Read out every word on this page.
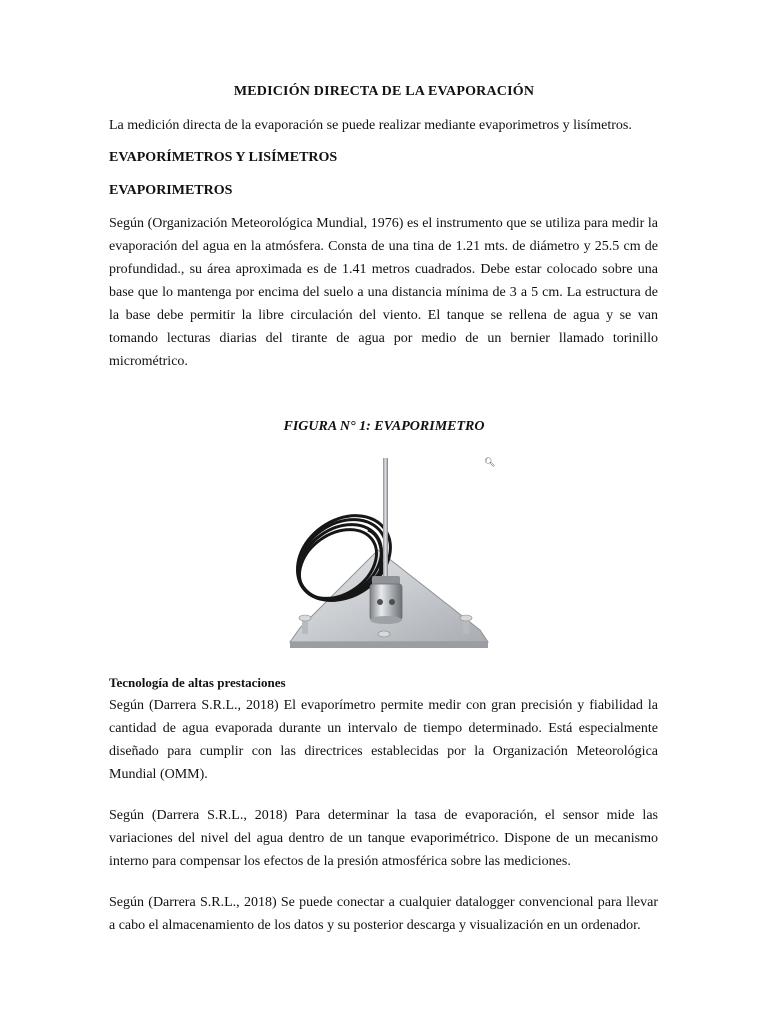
MEDICIÓN DIRECTA DE LA EVAPORACIÓN
La medición directa de la evaporación se puede realizar mediante evaporimetros y lisímetros.
EVAPORÍMETROS Y LISÍMETROS
EVAPORIMETROS
Según (Organización Meteorológica Mundial, 1976) es el instrumento que se utiliza para medir la evaporación del agua en la atmósfera. Consta de una tina de 1.21 mts. de diámetro y 25.5 cm de profundidad., su área aproximada es de 1.41 metros cuadrados. Debe estar colocado sobre una base que lo mantenga por encima del suelo a una distancia mínima de 3 a 5 cm. La estructura de la base debe permitir la libre circulación del viento. El tanque se rellena de agua y se van tomando lecturas diarias del tirante de agua por medio de un bernier llamado torinillo micrométrico.
FIGURA N° 1: EVAPORIMETRO
🔍︎
Tecnología de altas prestaciones
Según (Darrera S.R.L., 2018) El evaporímetro permite medir con gran precisión y fiabilidad la cantidad de agua evaporada durante un intervalo de tiempo determinado. Está especialmente diseñado para cumplir con las directrices establecidas por la Organización Meteorológica Mundial (OMM).
Según (Darrera S.R.L., 2018) Para determinar la tasa de evaporación, el sensor mide las variaciones del nivel del agua dentro de un tanque evaporimétrico. Dispone de un mecanismo interno para compensar los efectos de la presión atmosférica sobre las mediciones.
Según (Darrera S.R.L., 2018) Se puede conectar a cualquier datalogger convencional para llevar a cabo el almacenamiento de los datos y su posterior descarga y visualización en un ordenador.
